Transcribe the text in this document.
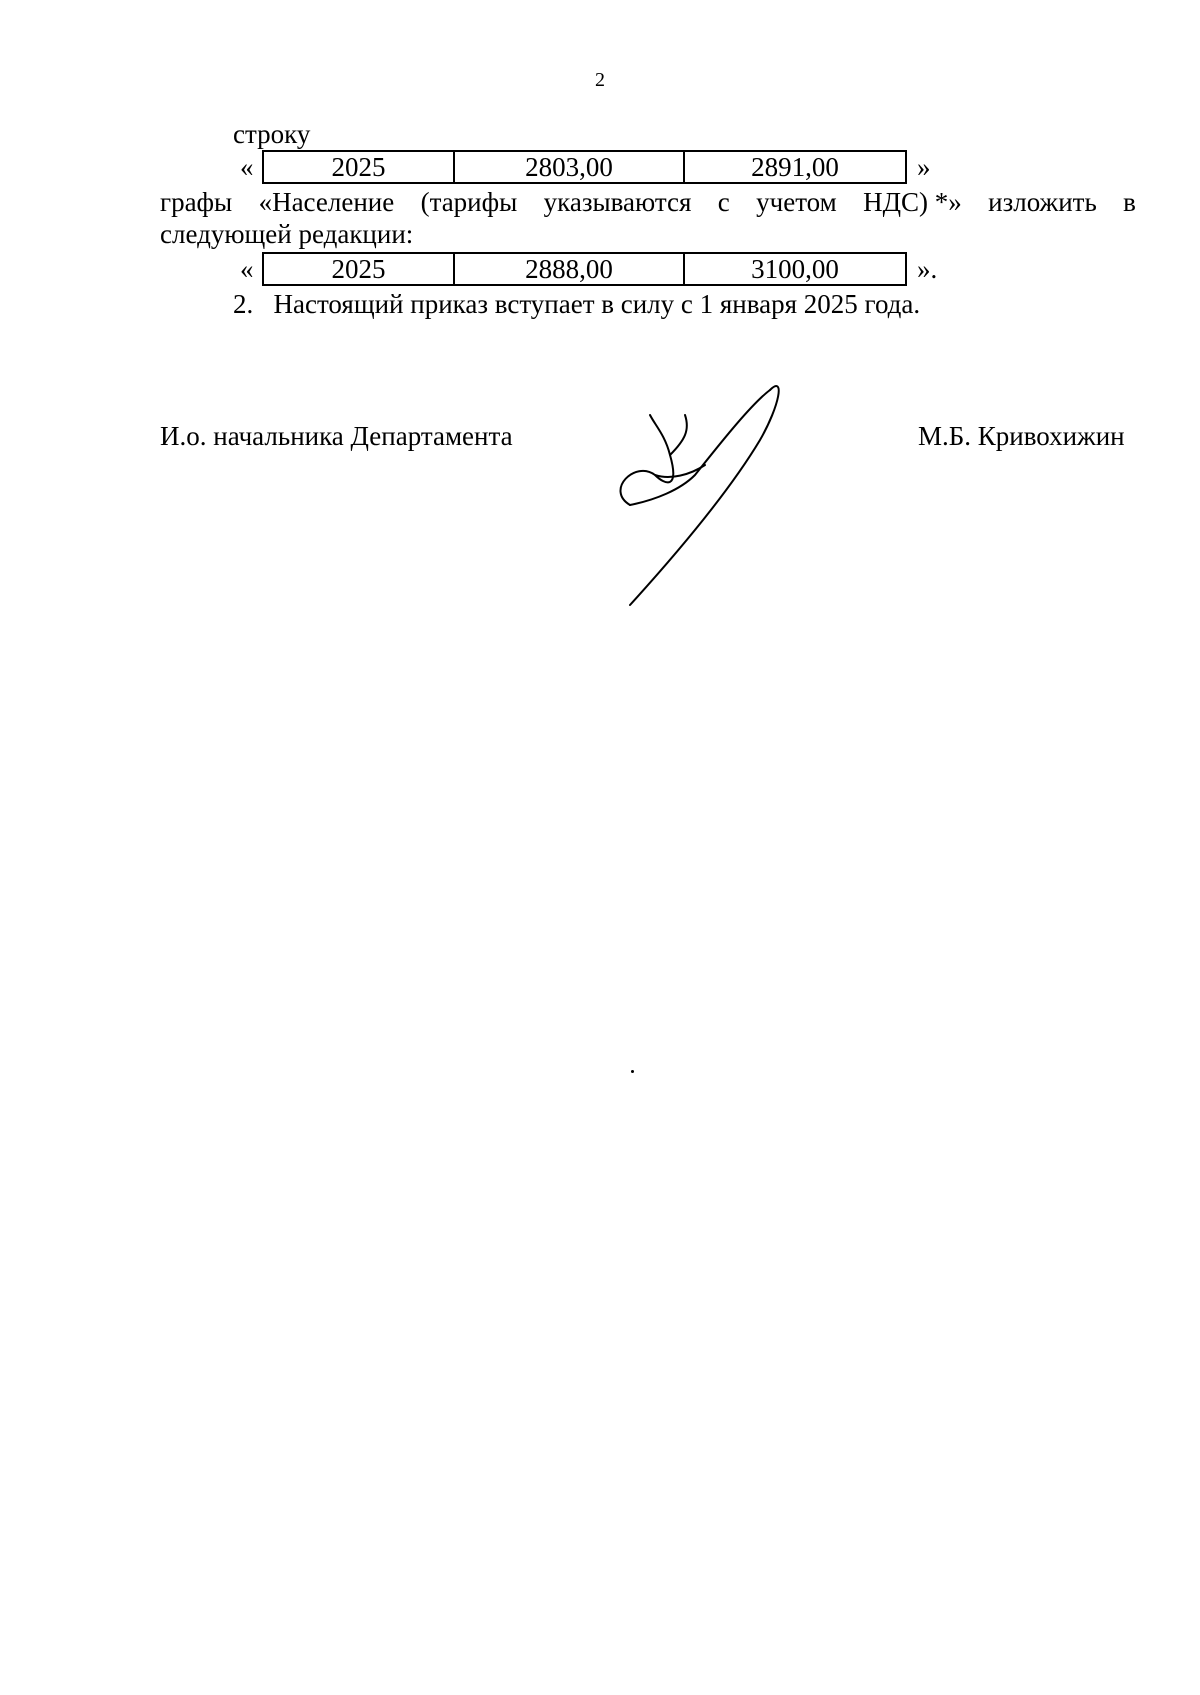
2
строку
«	2025	2803,00	2891,00	»
графы «Население (тарифы указываются с учетом НДС) *» изложить в
следующей редакции:
«	2025	2888,00	3100,00	».
2.   Настоящий приказ вступает в силу с 1 января 2025 года.
И.о. начальника Департамента	М.Б. Кривохижин
